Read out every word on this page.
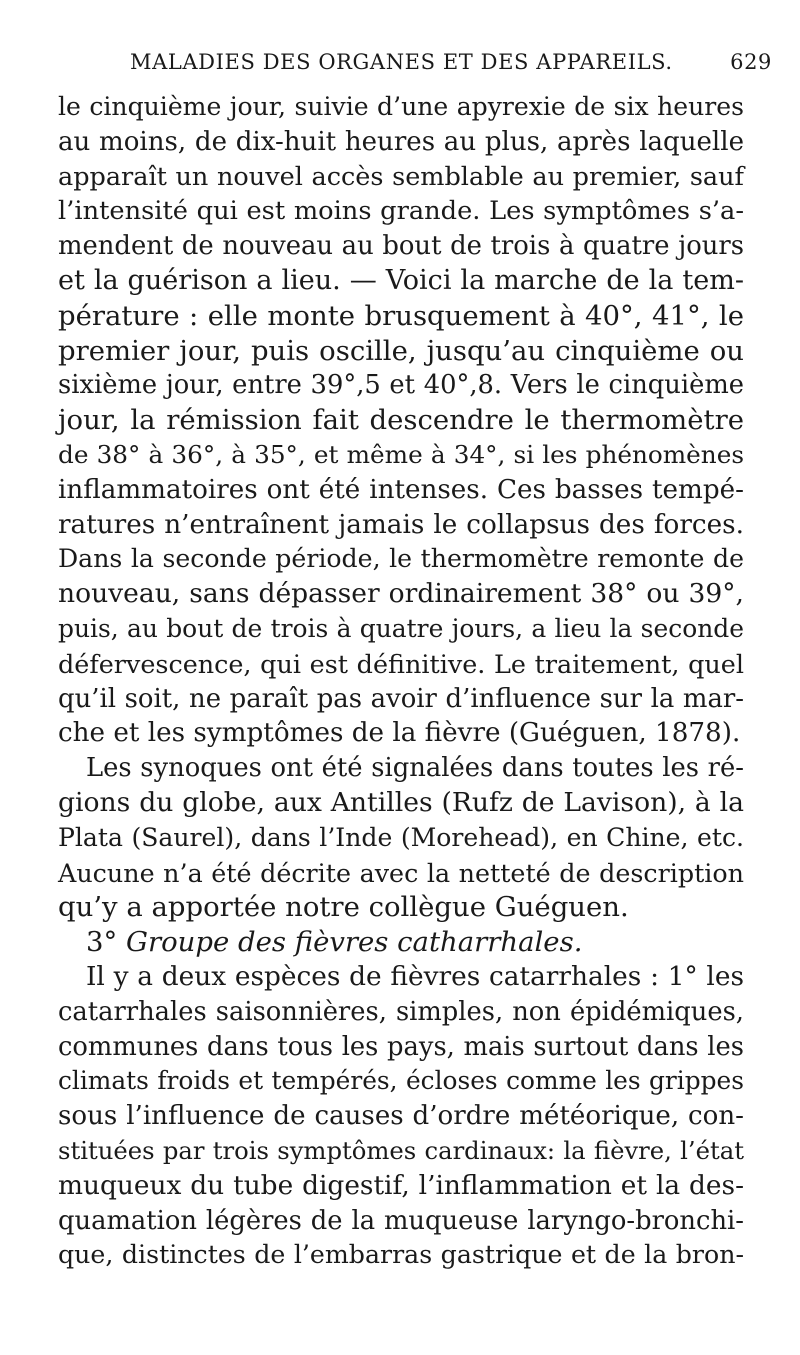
MALADIES DES ORGANES ET DES APPAREILS.	629
le cinquième jour, suivie d’une apyrexie de six heures
au moins, de dix-huit heures au plus, après laquelle
apparaît un nouvel accès semblable au premier, sauf
l’intensité qui est moins grande. Les symptômes s’a-
mendent de nouveau au bout de trois à quatre jours
et la guérison a lieu. — Voici la marche de la tem-
pérature : elle monte brusquement à 40°, 41°, le
premier jour, puis oscille, jusqu’au cinquième ou
sixième jour, entre 39°,5 et 40°,8. Vers le cinquième
jour, la rémission fait descendre le thermomètre
de 38° à 36°, à 35°, et même à 34°, si les phénomènes
inflammatoires ont été intenses. Ces basses tempé-
ratures n’entraînent jamais le collapsus des forces.
Dans la seconde période, le thermomètre remonte de
nouveau, sans dépasser ordinairement 38° ou 39°,
puis, au bout de trois à quatre jours, a lieu la seconde
défervescence, qui est définitive. Le traitement, quel
qu’il soit, ne paraît pas avoir d’influence sur la mar-
che et les symptômes de la fièvre (Guéguen, 1878).
Les synoques ont été signalées dans toutes les ré-
gions du globe, aux Antilles (Rufz de Lavison), à la
Plata (Saurel), dans l’Inde (Morehead), en Chine, etc.
Aucune n’a été décrite avec la netteté de description
qu’y a apportée notre collègue Guéguen.
3° Groupe des fièvres catharrhales.
Il y a deux espèces de fièvres catarrhales : 1° les
catarrhales saisonnières, simples, non épidémiques,
communes dans tous les pays, mais surtout dans les
climats froids et tempérés, écloses comme les grippes
sous l’influence de causes d’ordre météorique, con-
stituées par trois symptômes cardinaux: la fièvre, l’état
muqueux du tube digestif, l’inflammation et la des-
quamation légères de la muqueuse laryngo-bronchi-
que, distinctes de l’embarras gastrique et de la bron-
